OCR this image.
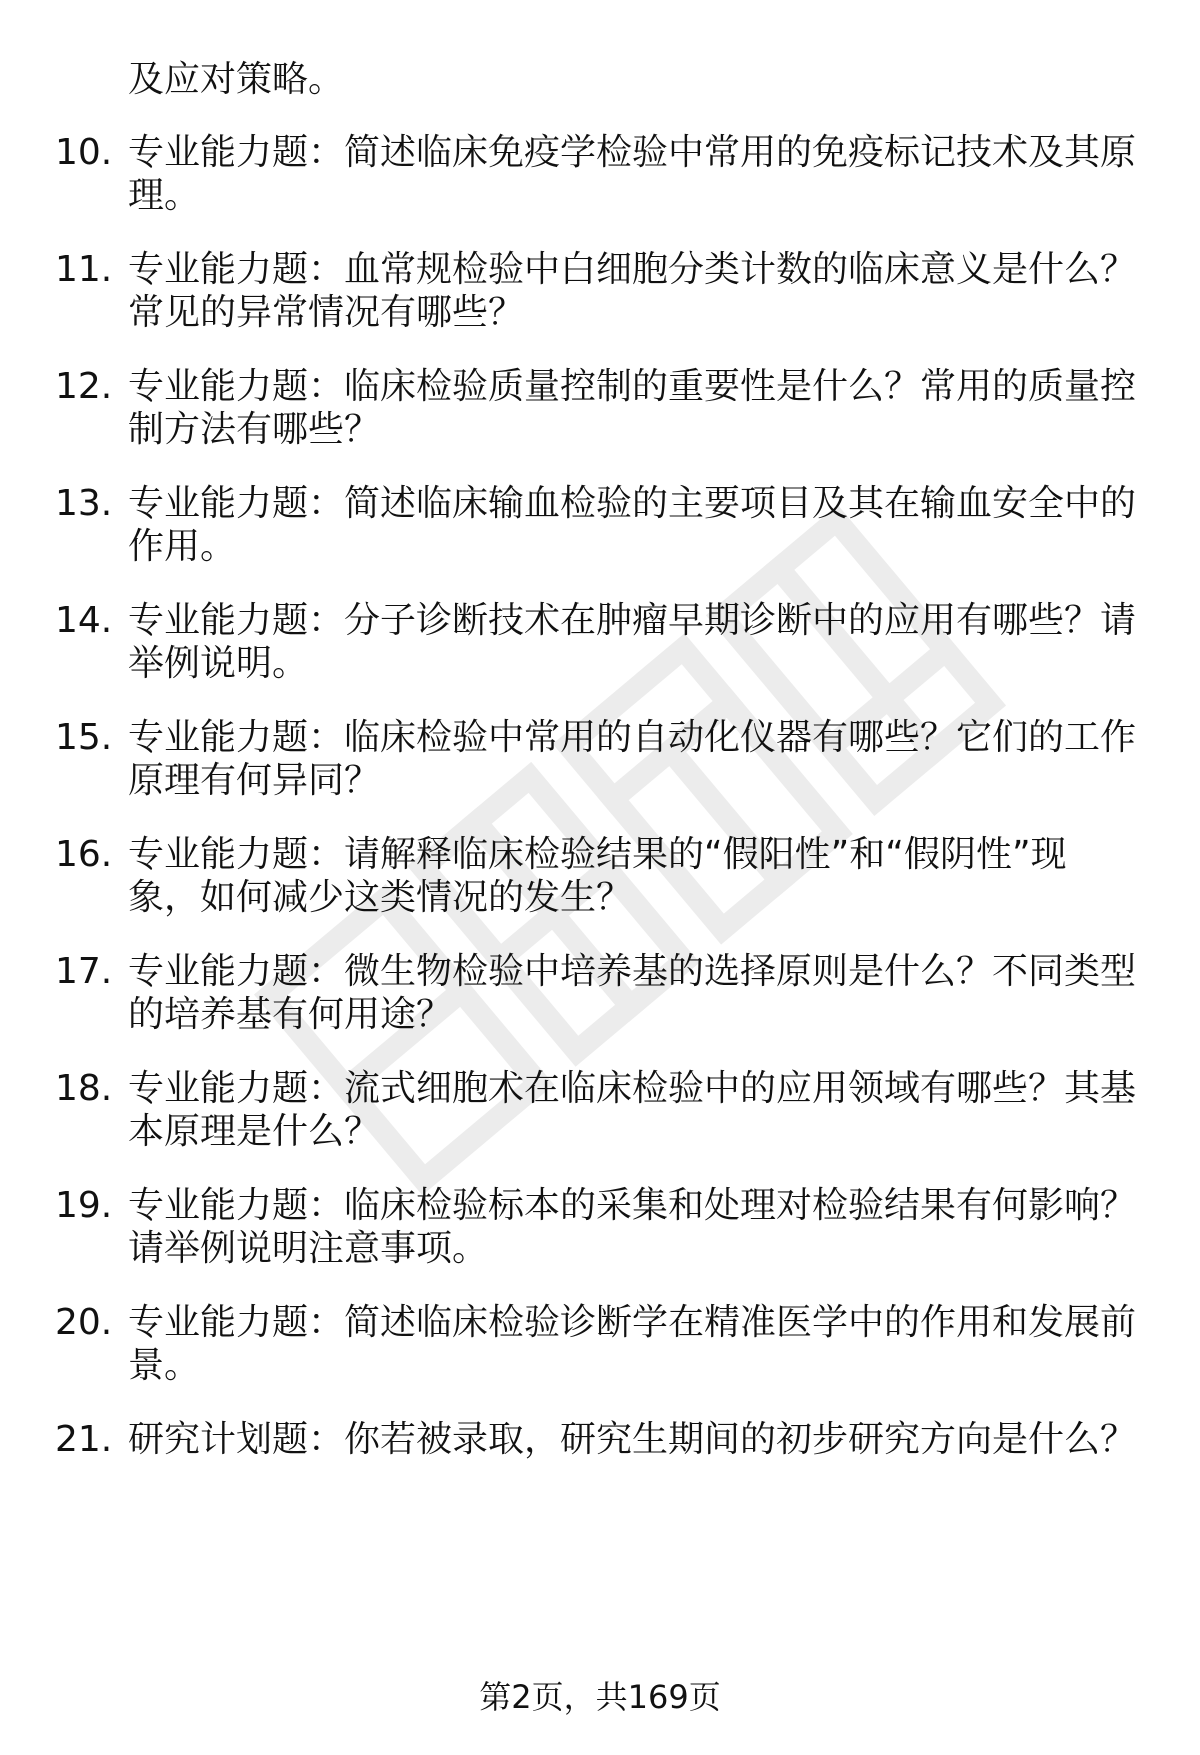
及应对策略。
10. 专业能力题：简述临床免疫学检验中常用的免疫标记技术及其原
理。
11. 专业能力题：血常规检验中白细胞分类计数的临床意义是什么？
常见的异常情况有哪些？
12. 专业能力题：临床检验质量控制的重要性是什么？常用的质量控
制方法有哪些？
13. 专业能力题：简述临床输血检验的主要项目及其在输血安全中的
作用。
14. 专业能力题：分子诊断技术在肿瘤早期诊断中的应用有哪些？请
举例说明。
15. 专业能力题：临床检验中常用的自动化仪器有哪些？它们的工作
原理有何异同？
16. 专业能力题：请解释临床检验结果的“假阳性”和“假阴性”现
象，如何减少这类情况的发生？
17. 专业能力题：微生物检验中培养基的选择原则是什么？不同类型
的培养基有何用途？
18. 专业能力题：流式细胞术在临床检验中的应用领域有哪些？其基
本原理是什么？
19. 专业能力题：临床检验标本的采集和处理对检验结果有何影响？
请举例说明注意事项。
20. 专业能力题：简述临床检验诊断学在精准医学中的作用和发展前
景。
21. 研究计划题：你若被录取，研究生期间的初步研究方向是什么？
第2页，共169页
